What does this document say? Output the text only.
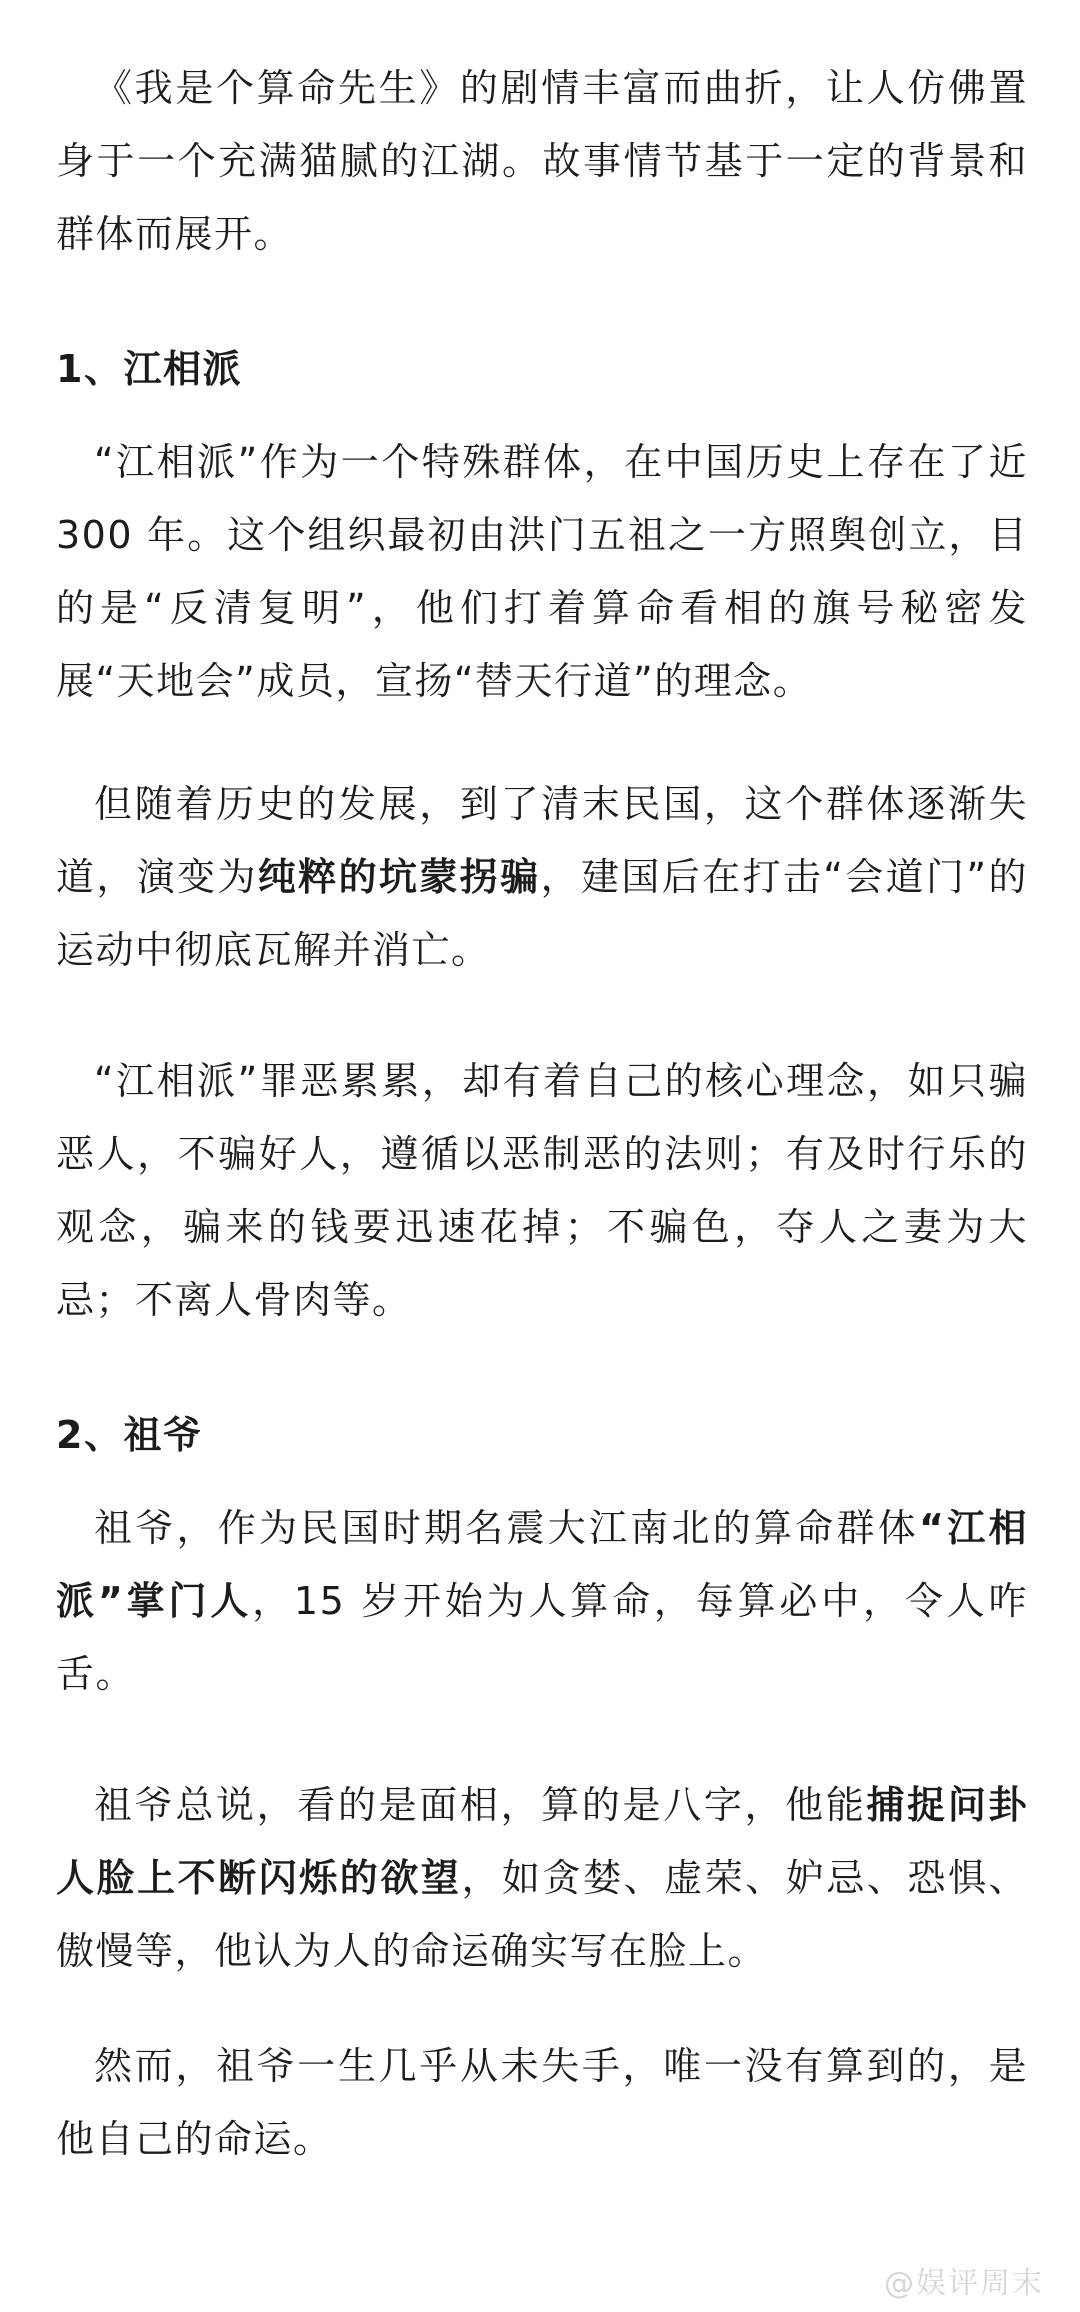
《我是个算命先生》的剧情丰富而曲折，让人仿佛置身于一个充满猫腻的江湖。故事情节基于一定的背景和群体而展开。

1、江相派

“江相派”作为一个特殊群体，在中国历史上存在了近 300 年。这个组织最初由洪门五祖之一方照舆创立，目的是“反清复明”，他们打着算命看相的旗号秘密发展“天地会”成员，宣扬“替天行道”的理念。

但随着历史的发展，到了清末民国，这个群体逐渐失道，演变为纯粹的坑蒙拐骗，建国后在打击“会道门”的运动中彻底瓦解并消亡。

“江相派”罪恶累累，却有着自己的核心理念，如只骗恶人，不骗好人，遵循以恶制恶的法则；有及时行乐的观念，骗来的钱要迅速花掉；不骗色，夺人之妻为大忌；不离人骨肉等。

2、祖爷

祖爷，作为民国时期名震大江南北的算命群体“江相派”掌门人，15 岁开始为人算命，每算必中，令人咋舌。

祖爷总说，看的是面相，算的是八字，他能捕捉问卦人脸上不断闪烁的欲望，如贪婪、虚荣、妒忌、恐惧、傲慢等，他认为人的命运确实写在脸上。

然而，祖爷一生几乎从未失手，唯一没有算到的，是他自己的命运。

@娱评周末
